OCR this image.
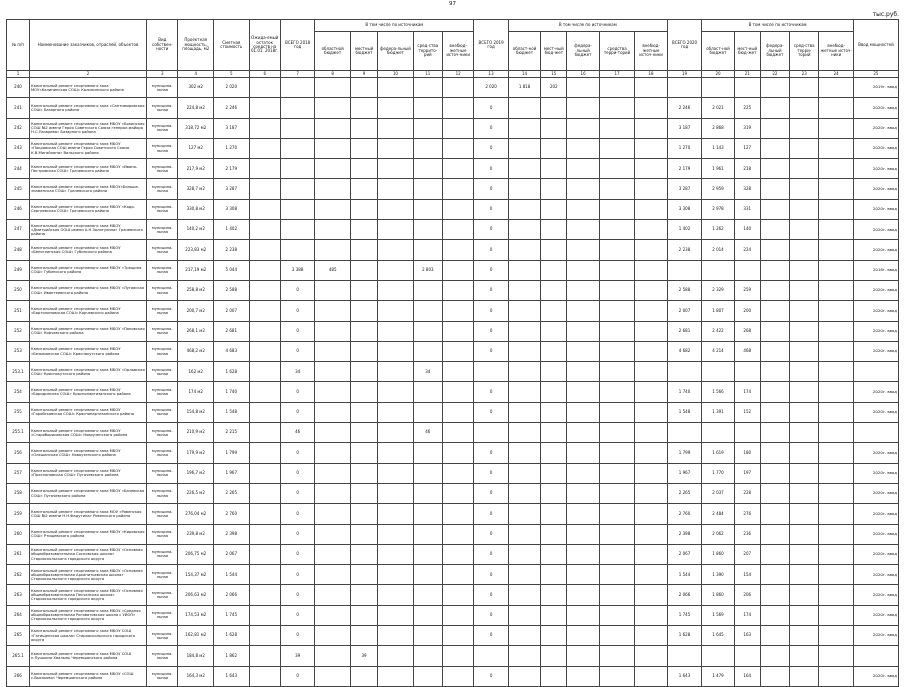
97
тыс.руб.
№ п/п	Наименование заказчиков, отраслей, объектов	Вид собствен-ности	Проектная мощность, площадь, м2	Сметная стоимость	Ожида-емый остаток средств на 01.01. 2018г.	ВСЕГО 2018 год	В том числе по источникам					ВСЕГО 2019 год	В том числе по источникам					ВСЕГО 2020 год	В том числе по источникам					Ввод мощностей
							областной бюджет	местный бюджет	федера-льный бюджет	сред-ства террито-рий	внебюд-жетные источ-ники		област-ной бюджет	мест-ный бюд-жет	федера-льный бюджет	средства терри-торий	внебюд-жетные источ-ники		област-ной бюджет	мест-ный бюд-жет	федера-льный бюджет	сред-ства терри-торий	внебюд-жетные источ-ники	
1	2	3	4	5	6	7	8	9	10	11	12	13	14	15	16	17	18	19	20	21	22	23	24	25
240	Капитальный ремонт спортивного зала МОУ«Калининская СОШ» Калининского района	муниципа-льная	302 м2	2 020								2 020	1 818	202										2019г. ввод
241	Капитальный ремонт спортивного зала «Сантимировская СОШ» Базарного района	муниципа-льная	224,8 м2	2 246								0						2 246	2 021	225				2020г. ввод
242	Капитальный ремонт спортивного зала МБОУ «Бокинская СОШ №2 имени Героя Советского Союза генерал-майора Н.С.Лазарева» Базарного района	муниципа-льная	318,72 м2	3 187								0						3 187	2 868	319				2020г. ввод
243	Капитальный ремонт спортивного зала МБОУ «Покровская СОШ имени Героя Советского Союза К.В.Мигайлина» Вольского района	муниципа-льная	127 м2	1 270								0						1 270	1 143	127				2020г. ввод
244	Капитальный ремонт спортивного зала МБОУ «Ивано-Пестровская СОШ» Грачевского района	муниципа-льная	217,9 м2	2 179								0						2 179	1 961	218				2020г. ввод
245	Капитальный ремонт спортивного зала МБОУ«Больше-знаменская СОШ» Грачевского района	муниципа-льная	328,7 м2	3 287								0						3 287	2 959	328				2020г. ввод
246	Капитальный ремонт спортивного зала МБОУ «Кадо-Сергиевская СОШ» Грачевского района	муниципа-льная	330,8 м2	3 308								0						3 308	2 978	331				2020г. ввод
247	Капитальный ремонт спортивного зала МБОУ «Дмитрийская ООШ имени А.Н.Золотухина» Грачевского района	муниципа-льная	140,2 м2	1 402								0						1 402	1 262	140				2020г. ввод
248	Капитальный ремонт спортивного зала МБОУ «Белоглинская СОШ» Губинского района	муниципа-льная	223,83 м2	2 238								0						2 238	2 014	224				2020г. ввод
249	Капитальный ремонт спортивного зала МБОУ «Трещина СОШ» Губинского района	муниципа-льная	217,19 м2	5 044		3 388	485			2 803		0												2018г. ввод
250	Капитальный ремонт спортивного зала МБОУ «Луговская СОШ» Ивантеевского района	муниципа-льная	258,8 м2	2 588		0						0						2 588	2 329	259				2020г. ввод
251	Капитальный ремонт спортивного зала МБОУ «Бартолиновская СОШ» Корчевского района	муниципа-льная	200,7 м2	2 007		0						0						2 007	1 807	200				2020г. ввод
252	Капитальный ремонт спортивного зала МБОУ «Поповская СОШ» Корчевского района	муниципа-льная	268,1 м2	2 681		0						0						2 681	2 422	268				2020г. ввод
253	Капитальный ремонт спортивного зала МБОУ «Безымянская СОШ» Краснокутского района	муниципа-льная	468,2 м2	4 683		0						0						4 682	4 214	468				2020г. ввод
253.1	Капитальный ремонт спортивного зала МБОУ «Орловская СОШ» Краснокутского района	муниципа-льная	162 м2	1 628		34				34														
254	Капитальный ремонт спортивного зала МБОУ «Бородинская СОШ» Краснопартизанского района	муниципа-льная	174 м2	1 740		0						0						1 740	1 566	174				2020г. ввод
255	Капитальный ремонт спортивного зала МБОУ «Горобсковская СОШ» Краснопартизанского района	муниципа-льная	154,8 м2	1 548		0						0						1 548	1 391	152				2020г. ввод
255.1	Капитальный ремонт спортивного зала МБОУ «Староборисовская СОШ» Новоузенского района	муниципа-льная	210,9 м2	2 215		46				46														
256	Капитальный ремонт спортивного зала МБОУ «Олешинская СОШ» Новоузенского района	муниципа-льная	179,9 м2	1 799		0						0						1 799	1 619	180				2020г. ввод
257	Капитальный ремонт спортивного зала МБОУ «Пресноновская СОШ» Пугачевского района	муниципа-льная	196,7 м2	1 967		0						0						1 967	1 770	197				2020г. ввод
258	Капитальный ремонт спортивного зала МБОУ «Бачевская СОШ» Пугачевского района	муниципа-льная	226,5 м2	2 265		0						0						2 265	2 037	228				2020г. ввод
259	Капитальный ремонт спортивного зала МОУ «Ровенская СОШ №2 имени Н.Н.Фадутина» Ровенского района	муниципа-льная	276,04 м2	2 760		0						0						2 760	2 484	276				2020г. ввод
260	Капитальный ремонт спортивного зала МБОУ «Кировская СОШ» Ртищевского района	муниципа-льная	239,8 м2	2 398		0						0						2 398	2 062	236				2020г. ввод
261	Капитальный ремонт спортивного зала МБОУ «Основная общеобразовательная Сосновская школа» Старооскольского городского округа	муниципа-льная	206,75 м2	2 067		0						0						2 067	1 860	207				2020г. ввод
262	Капитальный ремонт спортивного зала МБОУ «Основная общеобразовательная Арканитьевская школа» Старооскольского городского округа	муниципа-льная	154,37 м2	1 544		0						0						1 544	1 390	154				2020г. ввод
263	Капитальный ремонт спортивного зала МБОУ «Основная общеобразовательная Песчанская школа» Старооскольского городского округа	муниципа-льная	206,63 м2	2 066		0						0						2 066	1 860	206				2020г. ввод
264	Капитальный ремонт спортивного зала МБОУ «Средняя общеобразовательная Роговатовская школа с УИОП» Старооскольского городского округа	муниципа-льная	174,53 м2	1 745		0						0						1 745	1 569	174				2020г. ввод
265	Капитальный ремонт спортивного зала МБОУ СОШ «Гатищенская школа» Старооскольского городского округа	муниципа-льная	162,81 м2	1 628		0						0						1 628	1 645	163				2020г. ввод
265.1	Капитальный ремонт спортивного зала МБОУ СОШ п.Пушкино Хвалынь Черемшанского района	муниципа-льная	184,8 м2	1 862		39		39																
266	Капитальный ремонт спортивного зала МБОУ «СОШ с.Высоково» Черемшанского района	муниципа-льная	164,3 м2	1 643		0						0						1 643	1 479	164				2020г. ввод
